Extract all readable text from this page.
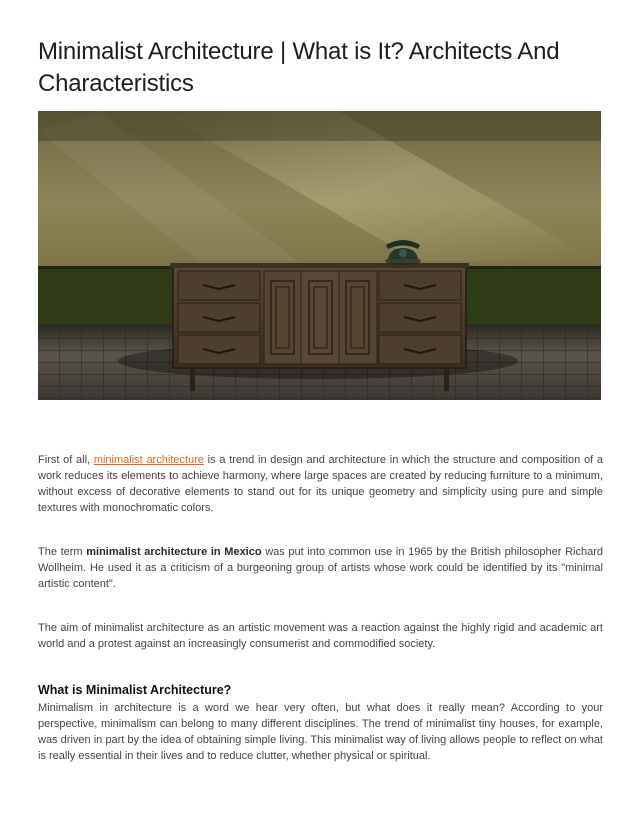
Minimalist Architecture | What is It? Architects And Characteristics

First of all, minimalist architecture is a trend in design and architecture in which the structure and composition of a work reduces its elements to achieve harmony, where large spaces are created by reducing furniture to a minimum, without excess of decorative elements to stand out for its unique geometry and simplicity using pure and simple textures with monochromatic colors.

The term minimalist architecture in Mexico was put into common use in 1965 by the British philosopher Richard Wollheim. He used it as a criticism of a burgeoning group of artists whose work could be identified by its "minimal artistic content".

The aim of minimalist architecture as an artistic movement was a reaction against the highly rigid and academic art world and a protest against an increasingly consumerist and commodified society.

What is Minimalist Architecture?

Minimalism in architecture is a word we hear very often, but what does it really mean? According to your perspective, minimalism can belong to many different disciplines. The trend of minimalist tiny houses, for example, was driven in part by the idea of obtaining simple living. This minimalist way of living allows people to reflect on what is really essential in their lives and to reduce clutter, whether physical or spiritual.
